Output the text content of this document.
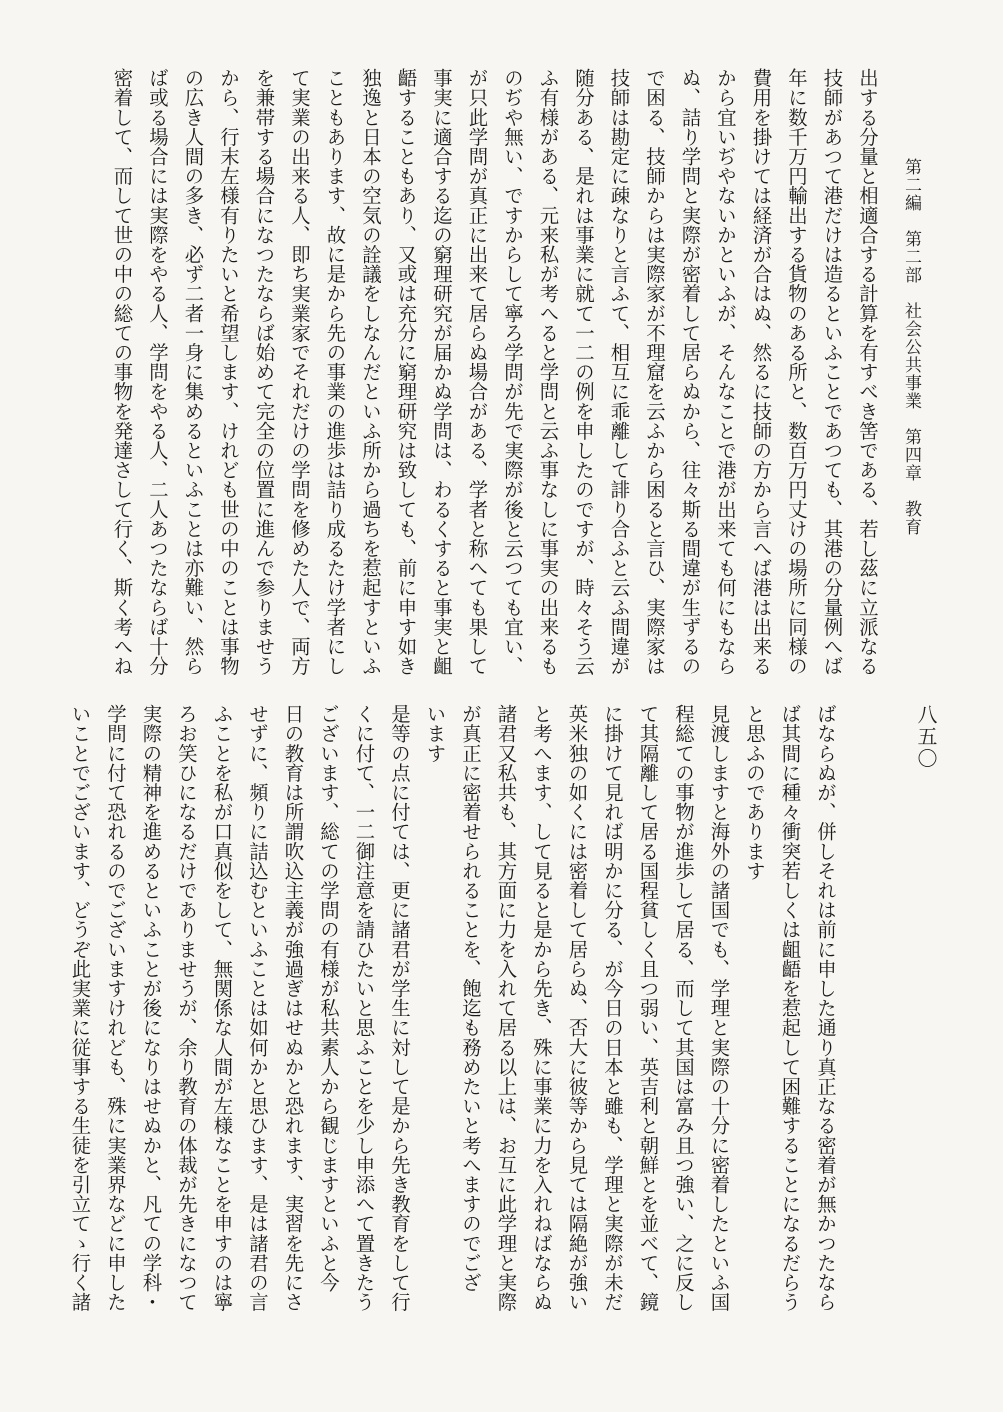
第二編　第二部　社会公共事業　第四章　教育
八五〇
出する分量と相適合する計算を有すべき筈である、若し茲に立派なる
技師があつて港だけは造るといふことであつても、其港の分量例へば
年に数千万円輸出する貨物のある所と、数百万円丈けの場所に同様の
費用を掛けては経済が合はぬ、然るに技師の方から言へば港は出来る
から宜いぢやないかといふが、そんなことで港が出来ても何にもなら
ぬ、詰り学問と実際が密着して居らぬから、往々斯る間違が生ずるの
で困る、技師からは実際家が不理窟を云ふから困ると言ひ、実際家は
技師は勘定に疎なりと言ふて、相互に乖離して誹り合ふと云ふ間違が
随分ある、是れは事業に就て一二の例を申したのですが、時々そう云
ふ有様がある、元来私が考へると学問と云ふ事なしに事実の出来るも
のぢや無い、ですからして寧ろ学問が先で実際が後と云つても宜い、
が只此学問が真正に出来て居らぬ場合がある、学者と称へても果して
事実に適合する迄の窮理研究が届かぬ学問は、わるくすると事実と齟
齬することもあり、又或は充分に窮理研究は致しても、前に申す如き
独逸と日本の空気の詮議をしなんだといふ所から過ちを惹起すといふ
こともあります、故に是から先の事業の進歩は詰り成るたけ学者にし
て実業の出来る人、即ち実業家でそれだけの学問を修めた人で、両方
を兼帯する場合になつたならば始めて完全の位置に進んで参りませう
から、行末左様有りたいと希望します、けれども世の中のことは事物
の広き人間の多き、必ず二者一身に集めるといふことは亦難い、然ら
ば或る場合には実際をやる人、学問をやる人、二人あつたならば十分
密着して、而して世の中の総ての事物を発達さして行く、斯く考へね
ばならぬが、併しそれは前に申した通り真正なる密着が無かつたなら
ば其間に種々衝突若しくは齟齬を惹起して困難することになるだらう
と思ふのであります
見渡しますと海外の諸国でも、学理と実際の十分に密着したといふ国
程総ての事物が進歩して居る、而して其国は富み且つ強い、之に反し
て其隔離して居る国程貧しく且つ弱い、英吉利と朝鮮とを並べて、鏡
に掛けて見れば明かに分る、が今日の日本と雖も、学理と実際が未だ
英米独の如くには密着して居らぬ、否大に彼等から見ては隔絶が強い
と考へます、して見ると是から先き、殊に事業に力を入れねばならぬ
諸君又私共も、其方面に力を入れて居る以上は、お互に此学理と実際
が真正に密着せられることを、飽迄も務めたいと考へますのでござ
います
是等の点に付ては、更に諸君が学生に対して是から先き教育をして行
くに付て、一二御注意を請ひたいと思ふことを少し申添へて置きたう
ございます、総ての学問の有様が私共素人から観じますといふと今
日の教育は所謂吹込主義が強過ぎはせぬかと恐れます、実習を先にさ
せずに、頻りに詰込むといふことは如何かと思ひます、是は諸君の言
ふことを私が口真似をして、無関係な人間が左様なことを申すのは寧
ろお笑ひになるだけでありませうが、余り教育の体裁が先きになつて
実際の精神を進めるといふことが後になりはせぬかと、凡ての学科・
学問に付て恐れるのでございますけれども、殊に実業界などに申した
いことでございます、どうぞ此実業に従事する生徒を引立てゝ行く諸
